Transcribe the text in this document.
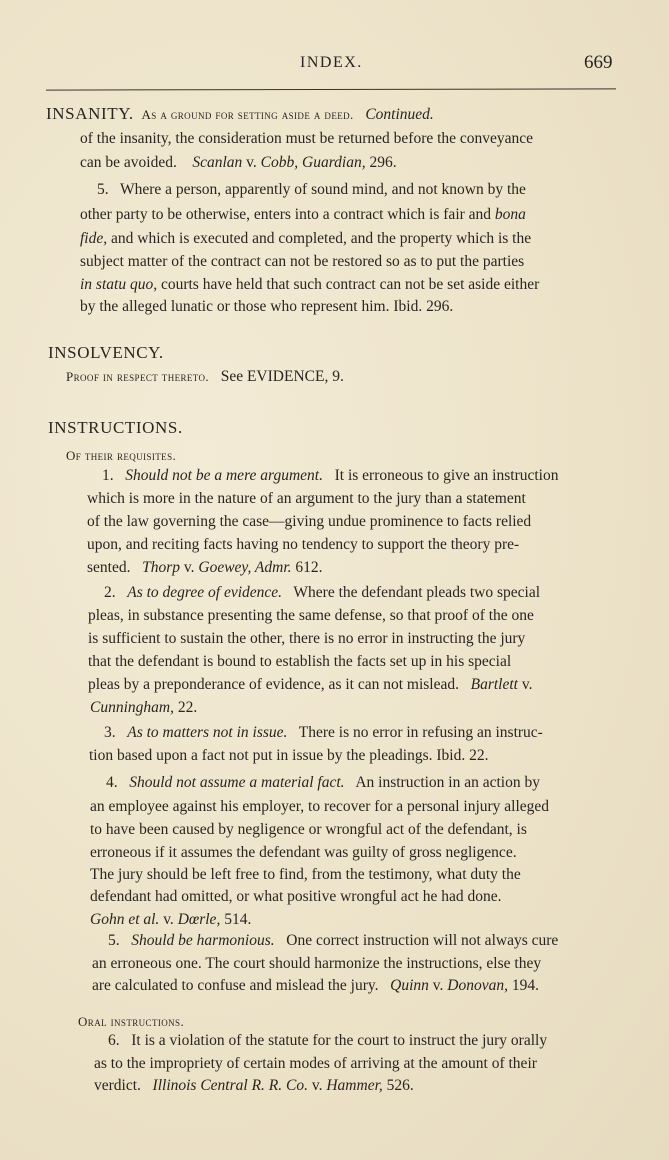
INDEX.	669
INSANITY. As a ground for setting aside a deed. Continued.
of the insanity, the consideration must be returned before the conveyance
can be avoided. Scanlan v. Cobb, Guardian, 296.
5. Where a person, apparently of sound mind, and not known by the
other party to be otherwise, enters into a contract which is fair and bona
fide, and which is executed and completed, and the property which is the
subject matter of the contract can not be restored so as to put the parties
in statu quo, courts have held that such contract can not be set aside either
by the alleged lunatic or those who represent him. Ibid. 296.
INSOLVENCY.
Proof in respect thereto. See EVIDENCE, 9.
INSTRUCTIONS.
Of their requisites.
1. Should not be a mere argument. It is erroneous to give an instruction
which is more in the nature of an argument to the jury than a statement
of the law governing the case—giving undue prominence to facts relied
upon, and reciting facts having no tendency to support the theory pre-
sented. Thorp v. Goewey, Admr. 612.
2. As to degree of evidence. Where the defendant pleads two special
pleas, in substance presenting the same defense, so that proof of the one
is sufficient to sustain the other, there is no error in instructing the jury
that the defendant is bound to establish the facts set up in his special
pleas by a preponderance of evidence, as it can not mislead. Bartlett v.
Cunningham, 22.
3. As to matters not in issue. There is no error in refusing an instruc-
tion based upon a fact not put in issue by the pleadings. Ibid. 22.
4. Should not assume a material fact. An instruction in an action by
an employee against his employer, to recover for a personal injury alleged
to have been caused by negligence or wrongful act of the defendant, is
erroneous if it assumes the defendant was guilty of gross negligence.
The jury should be left free to find, from the testimony, what duty the
defendant had omitted, or what positive wrongful act he had done.
Gohn et al. v. Dœrle, 514.
5. Should be harmonious. One correct instruction will not always cure
an erroneous one. The court should harmonize the instructions, else they
are calculated to confuse and mislead the jury. Quinn v. Donovan, 194.
Oral instructions.
6. It is a violation of the statute for the court to instruct the jury orally
as to the impropriety of certain modes of arriving at the amount of their
verdict. Illinois Central R. R. Co. v. Hammer, 526.
